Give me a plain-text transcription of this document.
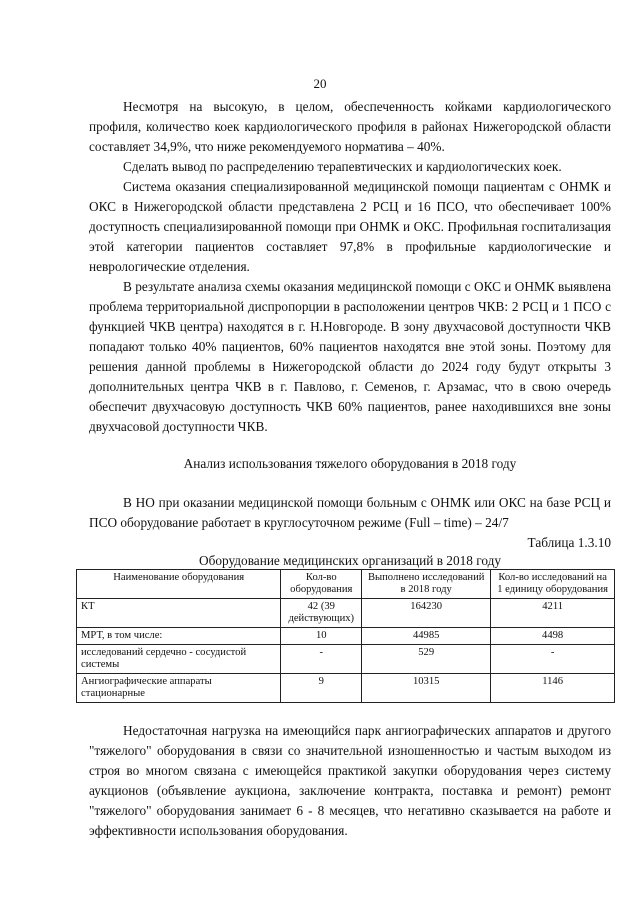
20

Несмотря на высокую, в целом, обеспеченность койками кардиологического профиля, количество коек кардиологического профиля в районах Нижегородской области составляет 34,9%, что ниже рекомендуемого норматива – 40%.

Сделать вывод по распределению терапевтических и кардиологических коек.

Система оказания специализированной медицинской помощи пациентам с ОНМК и ОКС в Нижегородской области представлена 2 РСЦ и 16 ПСО, что обеспечивает 100% доступность специализированной помощи при ОНМК и ОКС. Профильная госпитализация этой категории пациентов составляет 97,8% в профильные кардиологические и неврологические отделения.

В результате анализа схемы оказания медицинской помощи с ОКС и ОНМК выявлена проблема территориальной диспропорции в расположении центров ЧКВ: 2 РСЦ и 1 ПСО с функцией ЧКВ центра) находятся в г. Н.Новгороде. В зону двухчасовой доступности ЧКВ попадают только 40% пациентов, 60% пациентов находятся вне этой зоны. Поэтому для решения данной проблемы в Нижегородской области до 2024 году будут открыты 3 дополнительных центра ЧКВ в г. Павлово, г. Семенов, г. Арзамас, что в свою очередь обеспечит двухчасовую доступность ЧКВ 60% пациентов, ранее находившихся вне зоны двухчасовой доступности ЧКВ.

Анализ использования тяжелого оборудования в 2018 году

В НО при оказании медицинской помощи больным с ОНМК или ОКС на базе РСЦ и ПСО оборудование работает в круглосуточном режиме (Full – time) – 24/7

Таблица 1.3.10

Оборудование медицинских организаций в 2018 году

Наименование оборудования	Кол-во оборудования	Выполнено исследований в 2018 году	Кол-во исследований на 1 единицу оборудования
КТ	42 (39 действующих)	164230	4211
МРТ, в том числе:	10	44985	4498
исследований сердечно - сосудистой системы	-	529	-
Ангиографические аппараты стационарные	9	10315	1146

Недостаточная нагрузка на имеющийся парк ангиографических аппаратов и другого "тяжелого" оборудования в связи со значительной изношенностью и частым выходом из строя во многом связана с имеющейся практикой закупки оборудования через систему аукционов (объявление аукциона, заключение контракта, поставка и ремонт) ремонт "тяжелого" оборудования занимает 6 - 8 месяцев, что негативно сказывается на работе и эффективности использования оборудования.
